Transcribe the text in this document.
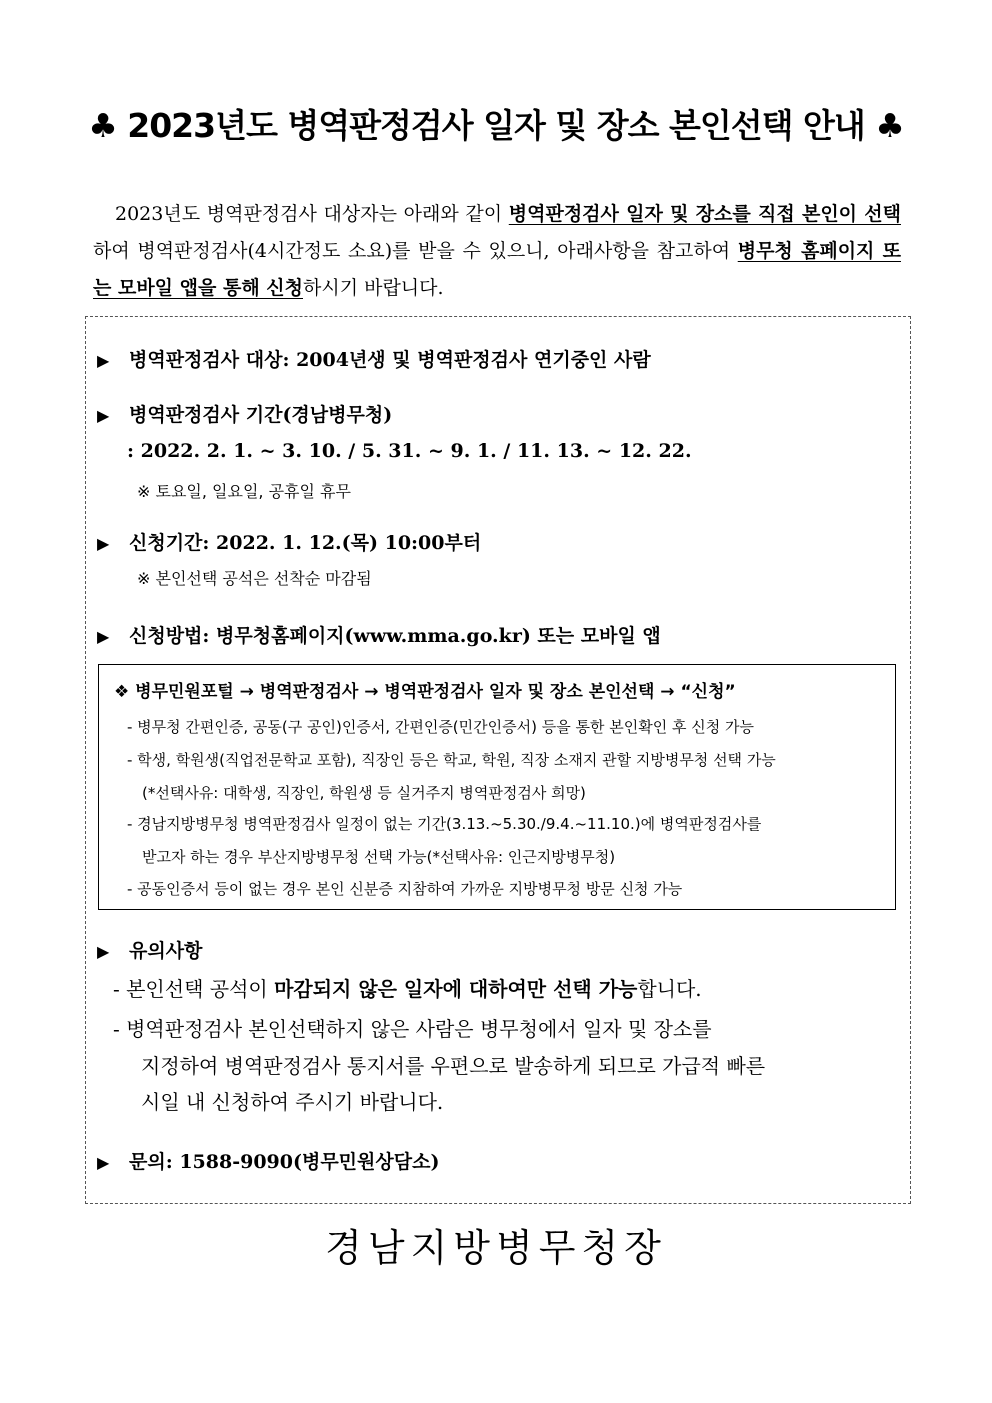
♣ 2023년도 병역판정검사 일자 및 장소 본인선택 안내 ♣
2023년도 병역판정검사 대상자는 아래와 같이 병역판정검사 일자 및 장소를 직접 본인이 선택하여 병역판정검사(4시간정도 소요)를 받을 수 있으니, 아래사항을 참고하여 병무청 홈페이지 또는 모바일 앱을 통해 신청하시기 바랍니다.
▶ 병역판정검사 대상: 2004년생 및 병역판정검사 연기중인 사람
▶ 병역판정검사 기간(경남병무청)
: 2022. 2. 1. ~ 3. 10. / 5. 31. ~ 9. 1. / 11. 13. ~ 12. 22.
※ 토요일, 일요일, 공휴일 휴무
▶ 신청기간: 2022. 1. 12.(목) 10:00부터
※ 본인선택 공석은 선착순 마감됨
▶ 신청방법: 병무청홈페이지(www.mma.go.kr) 또는 모바일 앱
❖ 병무민원포털 → 병역판정검사 → 병역판정검사 일자 및 장소 본인선택 → “신청”
- 병무청 간편인증, 공동(구 공인)인증서, 간편인증(민간인증서) 등을 통한 본인확인 후 신청 가능
- 학생, 학원생(직업전문학교 포함), 직장인 등은 학교, 학원, 직장 소재지 관할 지방병무청 선택 가능
(*선택사유: 대학생, 직장인, 학원생 등 실거주지 병역판정검사 희망)
- 경남지방병무청 병역판정검사 일정이 없는 기간(3.13.~5.30./9.4.~11.10.)에 병역판정검사를
받고자 하는 경우 부산지방병무청 선택 가능(*선택사유: 인근지방병무청)
- 공동인증서 등이 없는 경우 본인 신분증 지참하여 가까운 지방병무청 방문 신청 가능
▶ 유의사항
- 본인선택 공석이 마감되지 않은 일자에 대하여만 선택 가능합니다.
- 병역판정검사 본인선택하지 않은 사람은 병무청에서 일자 및 장소를
지정하여 병역판정검사 통지서를 우편으로 발송하게 되므로 가급적 빠른
시일 내 신청하여 주시기 바랍니다.
▶ 문의: 1588-9090(병무민원상담소)
경남지방병무청장
